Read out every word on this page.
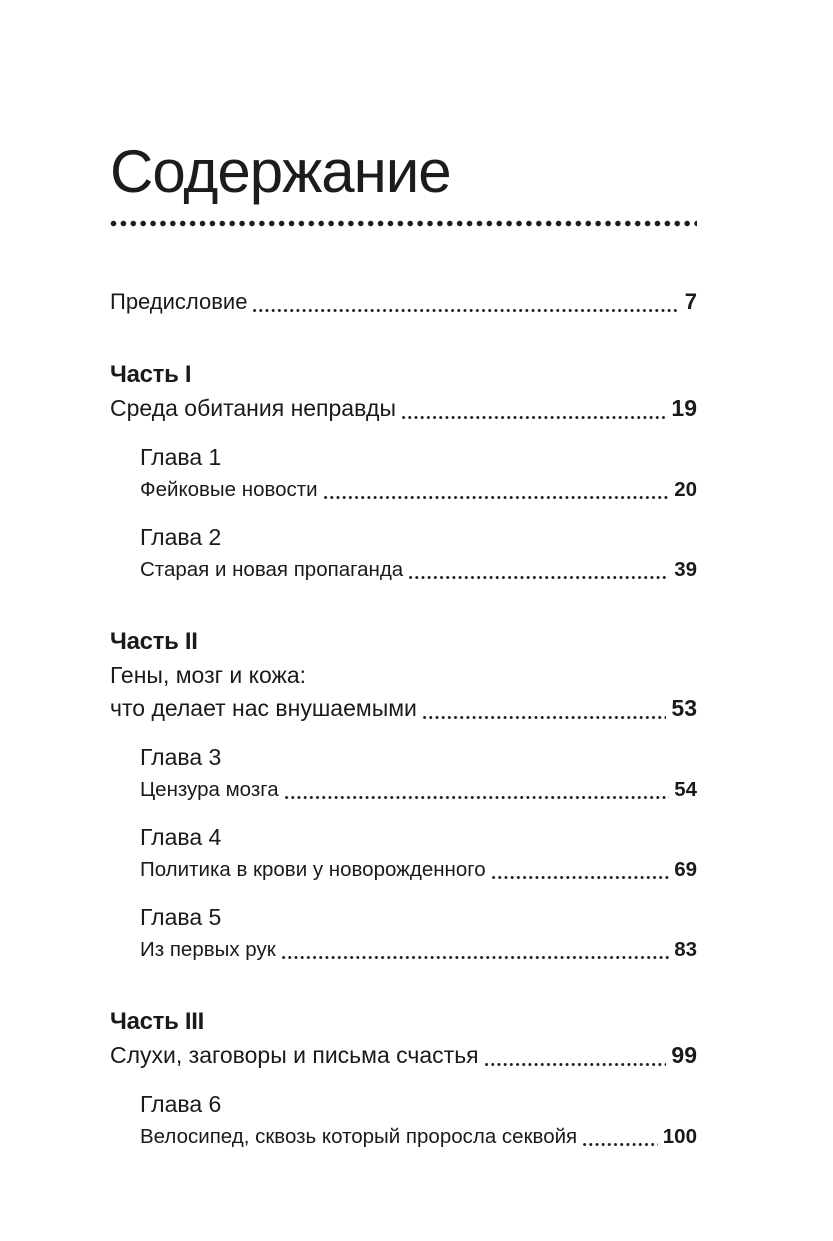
Содержание
Предисловие	7
Часть I
Среда обитания неправды	19
Глава 1
Фейковые новости	20
Глава 2
Старая и новая пропаганда	39
Часть II
Гены, мозг и кожа:
что делает нас внушаемыми	53
Глава 3
Цензура мозга	54
Глава 4
Политика в крови у новорожденного	69
Глава 5
Из первых рук	83
Часть III
Слухи, заговоры и письма счастья	99
Глава 6
Велосипед, сквозь который проросла секвойя	100
